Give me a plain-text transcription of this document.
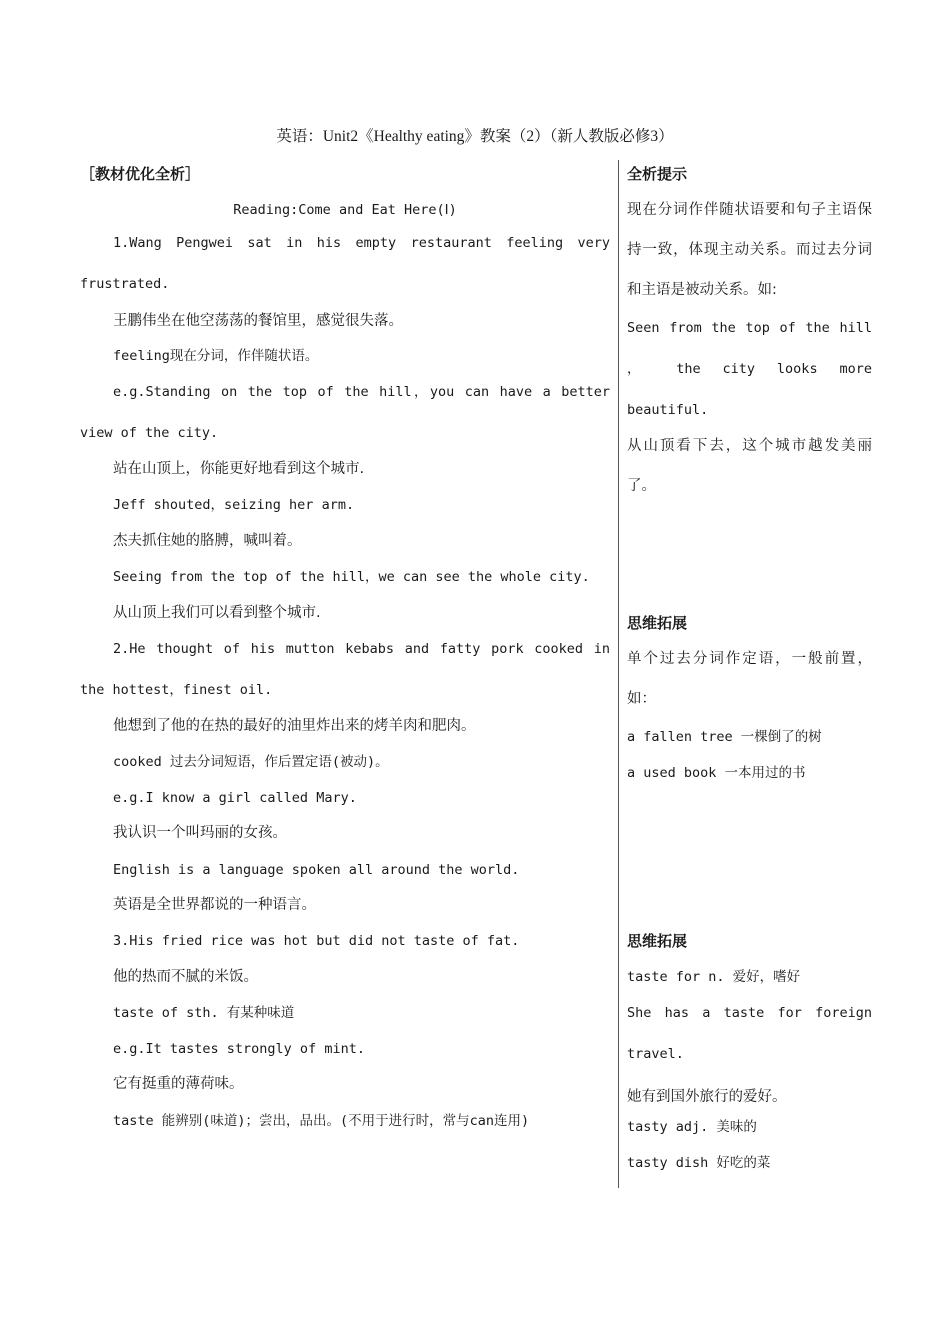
英语：Unit2《Healthy eating》教案（2）（新人教版必修3）
［教材优化全析］
Reading:Come and Eat Here(Ⅰ)
1.Wang Pengwei sat in his empty restaurant feeling very frustrated.
王鹏伟坐在他空荡荡的餐馆里，感觉很失落。
feeling现在分词，作伴随状语。
e.g.Standing on the top of the hill，you can have a better view of the city.
站在山顶上，你能更好地看到这个城市.
Jeff shouted，seizing her arm.
杰夫抓住她的胳膊，喊叫着。
Seeing from the top of the hill，we can see the whole city.
从山顶上我们可以看到整个城市.
2.He thought of his mutton kebabs and fatty pork cooked in the hottest，finest oil.
他想到了他的在热的最好的油里炸出来的烤羊肉和肥肉。
cooked 过去分词短语，作后置定语(被动)。
e.g.I know a girl called Mary.
我认识一个叫玛丽的女孩。
English is a language spoken all around the world.
英语是全世界都说的一种语言。
3.His fried rice was hot but did not taste of fat.
他的热而不腻的米饭。
taste of sth. 有某种味道
e.g.It tastes strongly of mint.
它有挺重的薄荷味。
taste 能辨别(味道)；尝出，品出。(不用于进行时，常与can连用)
全析提示
现在分词作伴随状语要和句子主语保持一致，体现主动关系。而过去分词和主语是被动关系。如:
Seen from the top of the hill ， the city looks more beautiful.
从山顶看下去，这个城市越发美丽了。
思维拓展
单个过去分词作定语，一般前置，如：
a fallen tree 一棵倒了的树
a used book 一本用过的书
思维拓展
taste for n. 爱好，嗜好
She has a taste for foreign travel.
她有到国外旅行的爱好。
tasty adj. 美味的
tasty dish 好吃的菜
